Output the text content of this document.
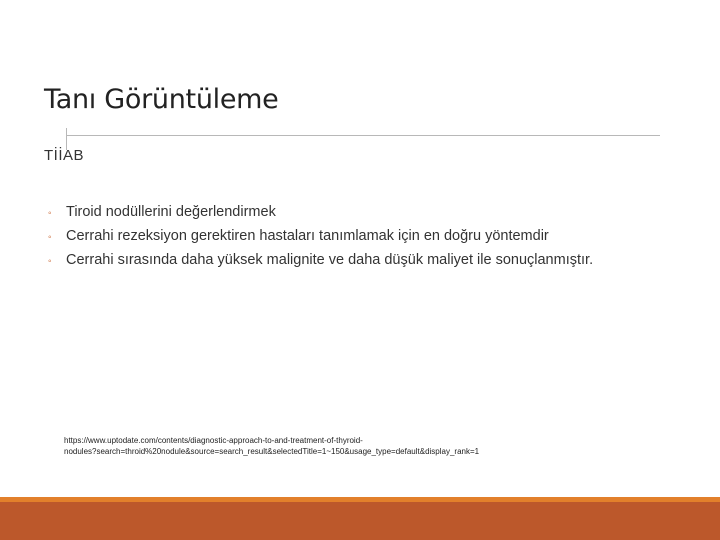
Tanı Görüntüleme
TİİAB
◦ Tiroid nodüllerini değerlendirmek
◦ Cerrahi rezeksiyon gerektiren hastaları tanımlamak için en doğru yöntemdir
◦ Cerrahi sırasında daha yüksek malignite ve daha düşük maliyet ile sonuçlanmıştır.
https://www.uptodate.com/contents/diagnostic-approach-to-and-treatment-of-thyroid-
nodules?search=throid%20nodule&source=search_result&selectedTitle=1~150&usage_type=default&display_rank=1
